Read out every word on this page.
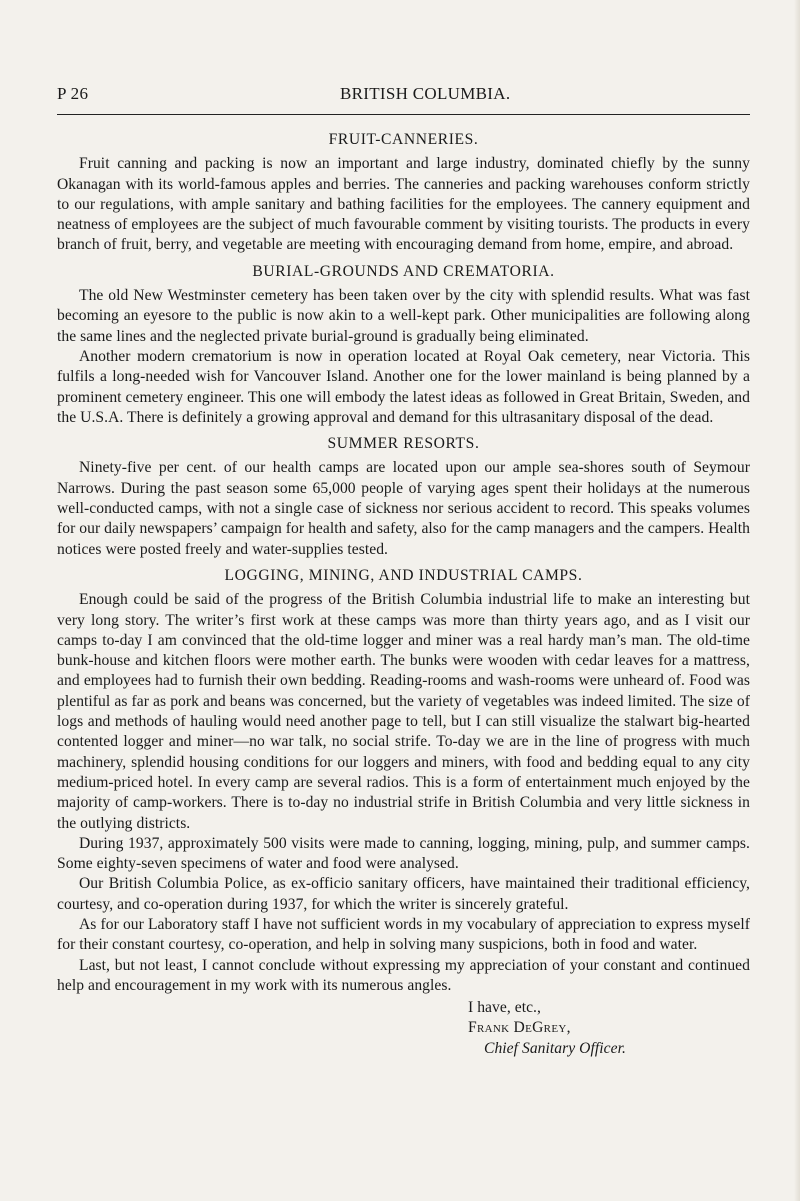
P 26	BRITISH COLUMBIA.
FRUIT-CANNERIES.

Fruit canning and packing is now an important and large industry, dominated chiefly by the sunny Okanagan with its world-famous apples and berries. The canneries and packing warehouses conform strictly to our regulations, with ample sanitary and bathing facilities for the employees. The cannery equipment and neatness of employees are the subject of much favourable comment by visiting tourists. The products in every branch of fruit, berry, and vegetable are meeting with encouraging demand from home, empire, and abroad.

BURIAL-GROUNDS AND CREMATORIA.

The old New Westminster cemetery has been taken over by the city with splendid results. What was fast becoming an eyesore to the public is now akin to a well-kept park. Other municipalities are following along the same lines and the neglected private burial-ground is gradually being eliminated.

Another modern crematorium is now in operation located at Royal Oak cemetery, near Victoria. This fulfils a long-needed wish for Vancouver Island. Another one for the lower mainland is being planned by a prominent cemetery engineer. This one will embody the latest ideas as followed in Great Britain, Sweden, and the U.S.A. There is definitely a growing approval and demand for this ultrasanitary disposal of the dead.

SUMMER RESORTS.

Ninety-five per cent. of our health camps are located upon our ample sea-shores south of Seymour Narrows. During the past season some 65,000 people of varying ages spent their holidays at the numerous well-conducted camps, with not a single case of sickness nor serious accident to record. This speaks volumes for our daily newspapers’ campaign for health and safety, also for the camp managers and the campers. Health notices were posted freely and water-supplies tested.

LOGGING, MINING, AND INDUSTRIAL CAMPS.

Enough could be said of the progress of the British Columbia industrial life to make an interesting but very long story. The writer’s first work at these camps was more than thirty years ago, and as I visit our camps to-day I am convinced that the old-time logger and miner was a real hardy man’s man. The old-time bunk-house and kitchen floors were mother earth. The bunks were wooden with cedar leaves for a mattress, and employees had to furnish their own bedding. Reading-rooms and wash-rooms were unheard of. Food was plentiful as far as pork and beans was concerned, but the variety of vegetables was indeed limited. The size of logs and methods of hauling would need another page to tell, but I can still visualize the stalwart big-hearted contented logger and miner—no war talk, no social strife. To-day we are in the line of progress with much machinery, splendid housing conditions for our loggers and miners, with food and bedding equal to any city medium-priced hotel. In every camp are several radios. This is a form of entertainment much enjoyed by the majority of camp-workers. There is to-day no industrial strife in British Columbia and very little sickness in the outlying districts.

During 1937, approximately 500 visits were made to canning, logging, mining, pulp, and summer camps. Some eighty-seven specimens of water and food were analysed.

Our British Columbia Police, as ex-officio sanitary officers, have maintained their traditional efficiency, courtesy, and co-operation during 1937, for which the writer is sincerely grateful.

As for our Laboratory staff I have not sufficient words in my vocabulary of appreciation to express myself for their constant courtesy, co-operation, and help in solving many suspicions, both in food and water.

Last, but not least, I cannot conclude without expressing my appreciation of your constant and continued help and encouragement in my work with its numerous angles.

I have, etc.,
Frank DeGrey,
Chief Sanitary Officer.
